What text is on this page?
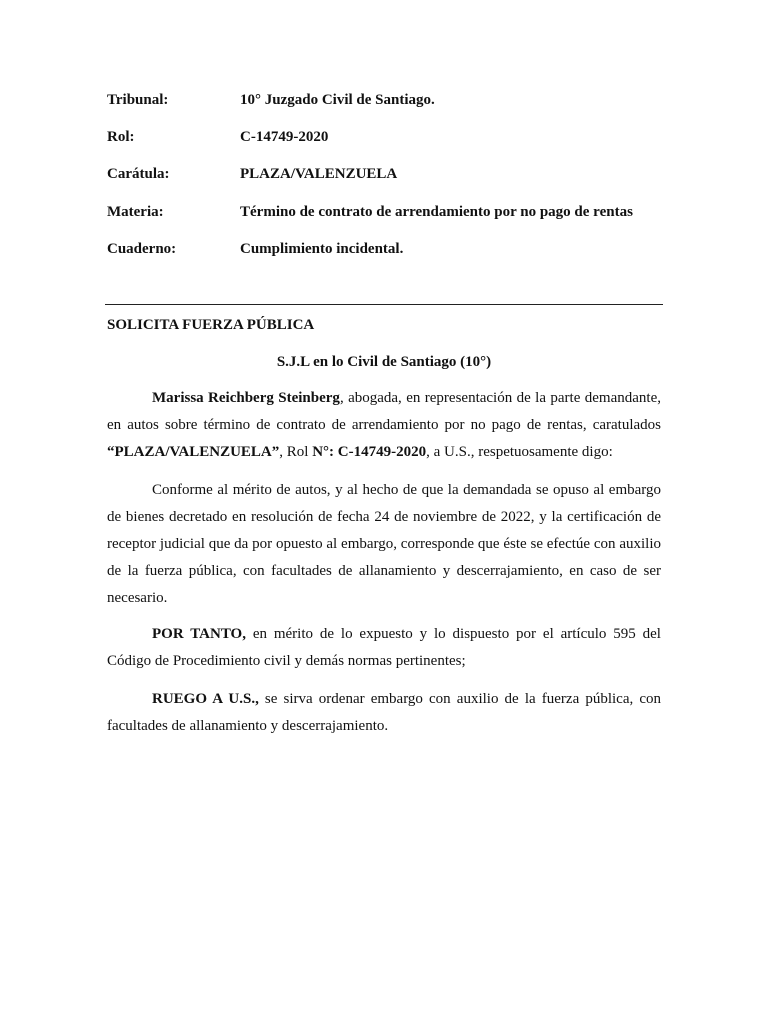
Tribunal:	10° Juzgado Civil de Santiago.
Rol:	C-14749-2020
Carátula:	PLAZA/VALENZUELA
Materia:	Término de contrato de arrendamiento por no pago de rentas
Cuaderno:	Cumplimiento incidental.
SOLICITA FUERZA PÚBLICA
S.J.L en lo Civil de Santiago (10°)

Marissa Reichberg Steinberg, abogada, en representación de la parte demandante, en autos sobre término de contrato de arrendamiento por no pago de rentas, caratulados “PLAZA/VALENZUELA”, Rol N°: C-14749-2020, a U.S., respetuosamente digo:

Conforme al mérito de autos, y al hecho de que la demandada se opuso al embargo de bienes decretado en resolución de fecha 24 de noviembre de 2022, y la certificación de receptor judicial que da por opuesto al embargo, corresponde que éste se efectúe con auxilio de la fuerza pública, con facultades de allanamiento y descerrajamiento, en caso de ser necesario.

POR TANTO, en mérito de lo expuesto y lo dispuesto por el artículo 595 del Código de Procedimiento civil y demás normas pertinentes;

RUEGO A U.S., se sirva ordenar embargo con auxilio de la fuerza pública, con facultades de allanamiento y descerrajamiento.
